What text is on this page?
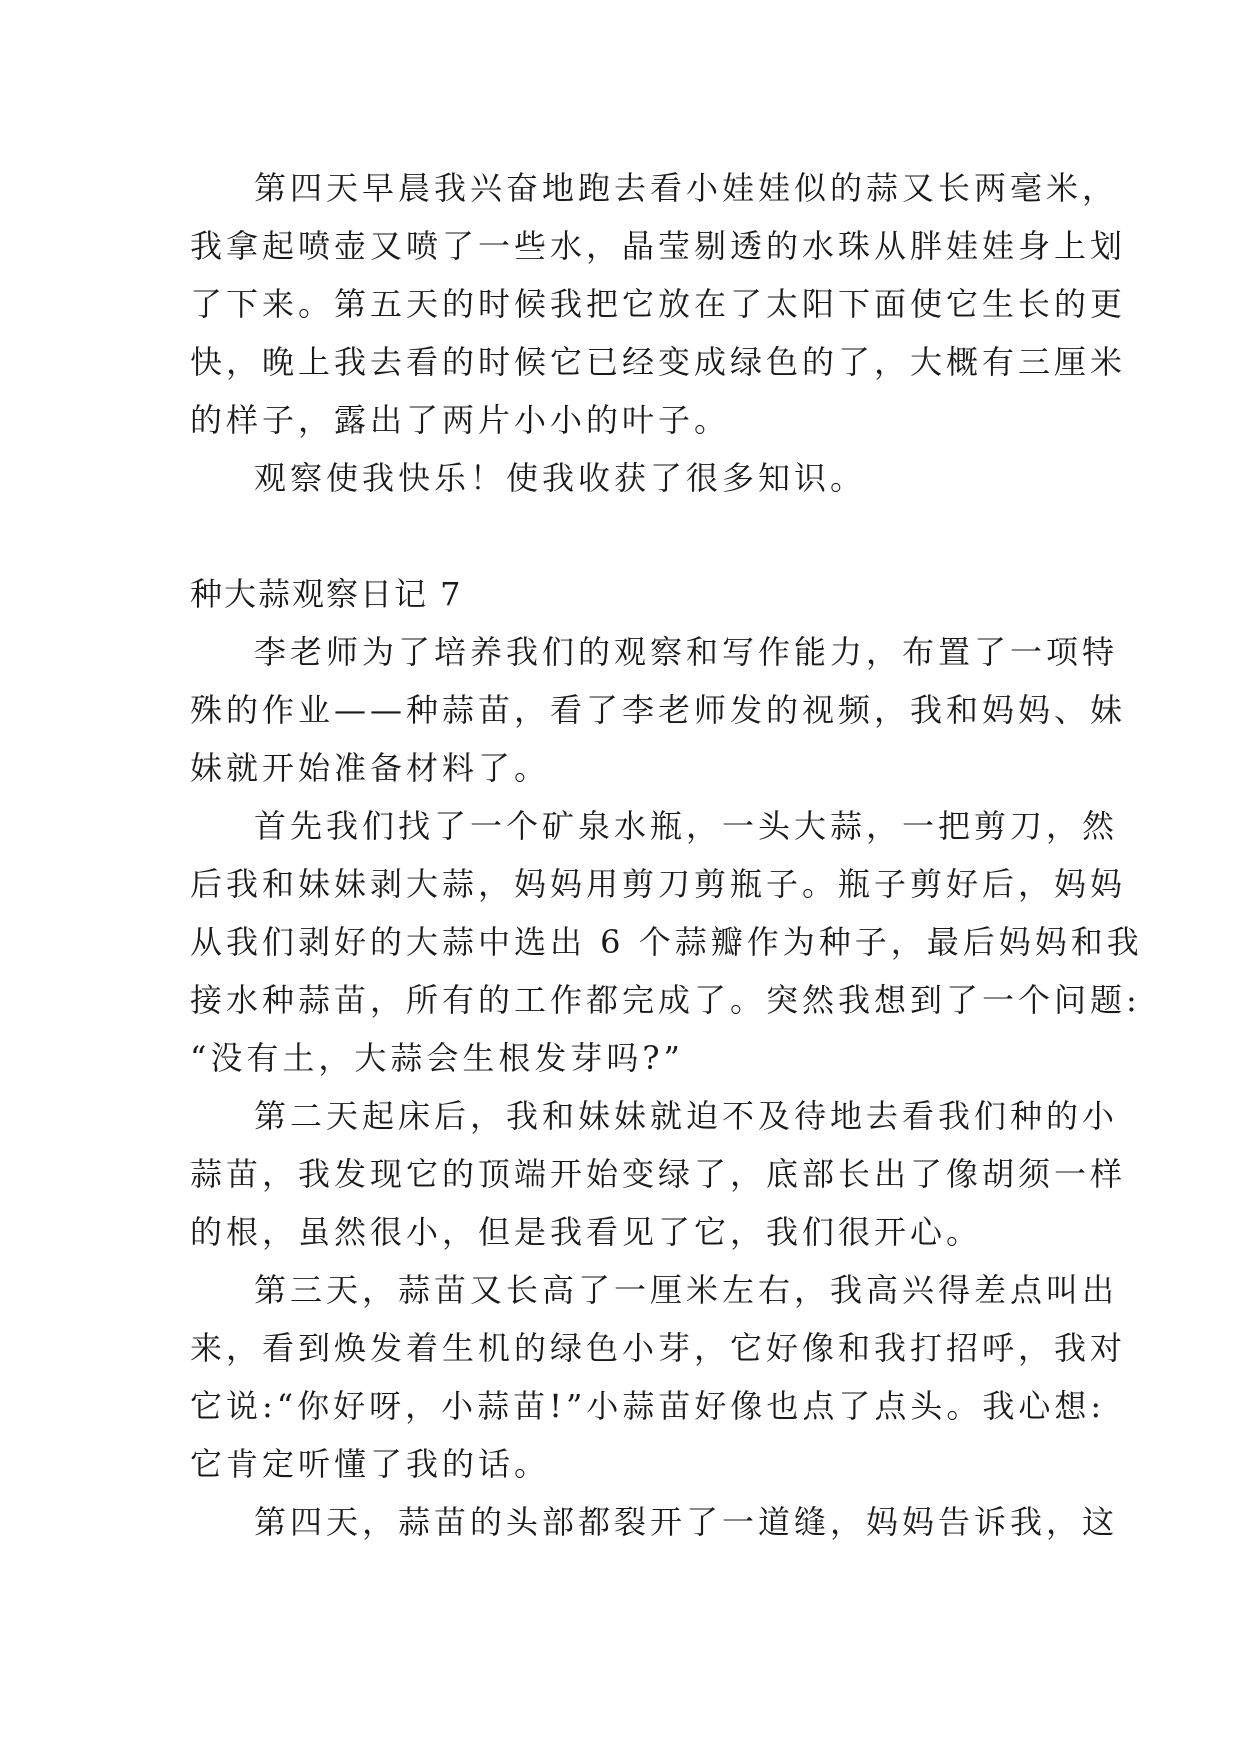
第四天早晨我兴奋地跑去看小娃娃似的蒜又长两毫米，
我拿起喷壶又喷了一些水，晶莹剔透的水珠从胖娃娃身上划
了下来。第五天的时候我把它放在了太阳下面使它生长的更
快，晚上我去看的时候它已经变成绿色的了，大概有三厘米
的样子，露出了两片小小的叶子。
观察使我快乐！使我收获了很多知识。
种大蒜观察日记 7
李老师为了培养我们的观察和写作能力，布置了一项特
殊的作业——种蒜苗，看了李老师发的视频，我和妈妈、妹
妹就开始准备材料了。
首先我们找了一个矿泉水瓶，一头大蒜，一把剪刀，然
后我和妹妹剥大蒜，妈妈用剪刀剪瓶子。瓶子剪好后，妈妈
从我们剥好的大蒜中选出 6 个蒜瓣作为种子，最后妈妈和我
接水种蒜苗，所有的工作都完成了。突然我想到了一个问题:
“没有土，大蒜会生根发芽吗?”
第二天起床后，我和妹妹就迫不及待地去看我们种的小
蒜苗，我发现它的顶端开始变绿了，底部长出了像胡须一样
的根，虽然很小，但是我看见了它，我们很开心。
第三天，蒜苗又长高了一厘米左右，我高兴得差点叫出
来，看到焕发着生机的绿色小芽，它好像和我打招呼，我对
它说:“你好呀，小蒜苗!”小蒜苗好像也点了点头。我心想:
它肯定听懂了我的话。
第四天，蒜苗的头部都裂开了一道缝，妈妈告诉我，这
